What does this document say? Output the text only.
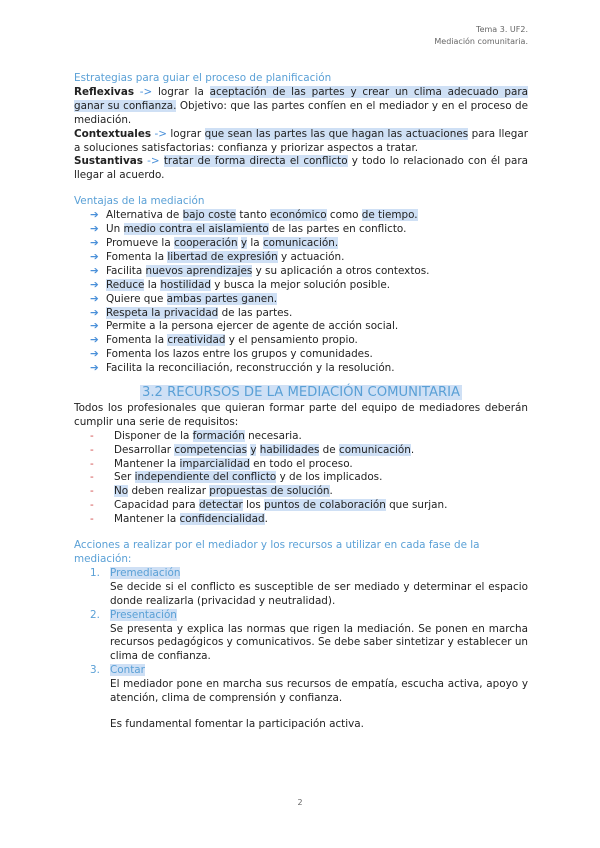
Tema 3. UF2.
Mediación comunitaria.

Estrategias para guiar el proceso de planificación

Reflexivas -> lograr la aceptación de las partes y crear un clima adecuado para ganar su confianza. Objetivo: que las partes confíen en el mediador y en el proceso de mediación.

Contextuales -> lograr que sean las partes las que hagan las actuaciones para llegar a soluciones satisfactorias: confianza y priorizar aspectos a tratar.

Sustantivas -> tratar de forma directa el conflicto y todo lo relacionado con él para llegar al acuerdo.

Ventajas de la mediación

➔ Alternativa de bajo coste tanto económico como de tiempo.
➔ Un medio contra el aislamiento de las partes en conflicto.
➔ Promueve la cooperación y la comunicación.
➔ Fomenta la libertad de expresión y actuación.
➔ Facilita nuevos aprendizajes y su aplicación a otros contextos.
➔ Reduce la hostilidad y busca la mejor solución posible.
➔ Quiere que ambas partes ganen.
➔ Respeta la privacidad de las partes.
➔ Permite a la persona ejercer de agente de acción social.
➔ Fomenta la creatividad y el pensamiento propio.
➔ Fomenta los lazos entre los grupos y comunidades.
➔ Facilita la reconciliación, reconstrucción y la resolución.
3.2 RECURSOS DE LA MEDIACIÓN COMUNITARIA

Todos los profesionales que quieran formar parte del equipo de mediadores deberán cumplir una serie de requisitos:

- Disponer de la formación necesaria.
- Desarrollar competencias y habilidades de comunicación.
- Mantener la imparcialidad en todo el proceso.
- Ser independiente del conflicto y de los implicados.
- No deben realizar propuestas de solución.
- Capacidad para detectar los puntos de colaboración que surjan.
- Mantener la confidencialidad.

Acciones a realizar por el mediador y los recursos a utilizar en cada fase de la mediación:

1. Premediación
Se decide si el conflicto es susceptible de ser mediado y determinar el espacio donde realizarla (privacidad y neutralidad).
2. Presentación
Se presenta y explica las normas que rigen la mediación. Se ponen en marcha recursos pedagógicos y comunicativos. Se debe saber sintetizar y establecer un clima de confianza.
3. Contar
El mediador pone en marcha sus recursos de empatía, escucha activa, apoyo y atención, clima de comprensión y confianza.

Es fundamental fomentar la participación activa.

2
